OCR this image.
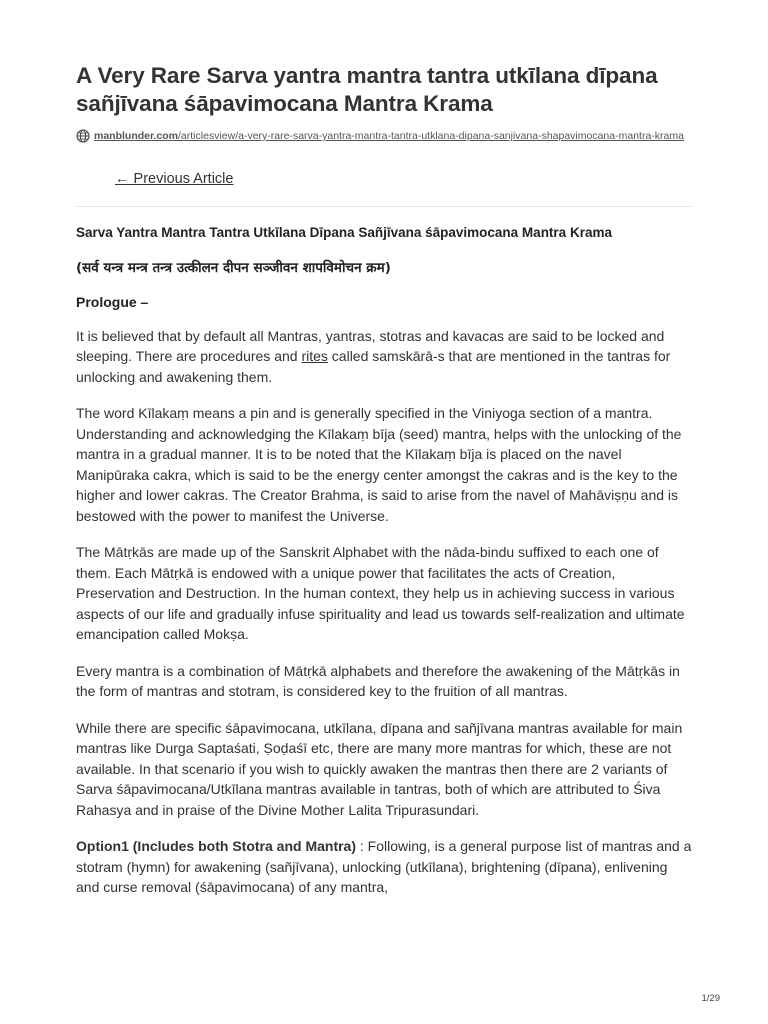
A Very Rare Sarva yantra mantra tantra utkīlana dīpana sañjīvana śāpavimocana Mantra Krama
manblunder.com/articlesview/a-very-rare-sarva-yantra-mantra-tantra-utklana-dipana-sanjivana-shapavimocana-mantra-krama
← Previous Article
Sarva Yantra Mantra Tantra Utkīlana Dīpana Sañjīvana śāpavimocana Mantra Krama
(सर्व यन्त्र मन्त्र तन्त्र उत्कीलन दीपन सञ्जीवन शापविमोचन क्रम)
Prologue –

It is believed that by default all Mantras, yantras, stotras and kavacas are said to be locked and sleeping. There are procedures and rites called samskārā-s that are mentioned in the tantras for unlocking and awakening them.

The word Kīlakaṃ means a pin and is generally specified in the Viniyoga section of a mantra. Understanding and acknowledging the Kīlakaṃ bīja (seed) mantra, helps with the unlocking of the mantra in a gradual manner. It is to be noted that the Kīlakaṃ bīja is placed on the navel Manipūraka cakra, which is said to be the energy center amongst the cakras and is the key to the higher and lower cakras. The Creator Brahma, is said to arise from the navel of Mahāviṣṇu and is bestowed with the power to manifest the Universe.

The Mātṛkās are made up of the Sanskrit Alphabet with the nāda-bindu suffixed to each one of them. Each Mātṛkā is endowed with a unique power that facilitates the acts of Creation, Preservation and Destruction. In the human context, they help us in achieving success in various aspects of our life and gradually infuse spirituality and lead us towards self-realization and ultimate emancipation called Mokṣa.

Every mantra is a combination of Mātṛkā alphabets and therefore the awakening of the Mātṛkās in the form of mantras and stotram, is considered key to the fruition of all mantras.

While there are specific śāpavimocana, utkīlana, dīpana and sañjīvana mantras available for main mantras like Durga Saptaśati, Ṣoḍaśī etc, there are many more mantras for which, these are not available. In that scenario if you wish to quickly awaken the mantras then there are 2 variants of Sarva śāpavimocana/Utkīlana mantras available in tantras, both of which are attributed to Śiva Rahasya and in praise of the Divine Mother Lalita Tripurasundari.

Option1 (Includes both Stotra and Mantra) : Following, is a general purpose list of mantras and a stotram (hymn) for awakening (sañjīvana), unlocking (utkīlana), brightening (dīpana), enlivening and curse removal (śāpavimocana) of any mantra,

1/29
